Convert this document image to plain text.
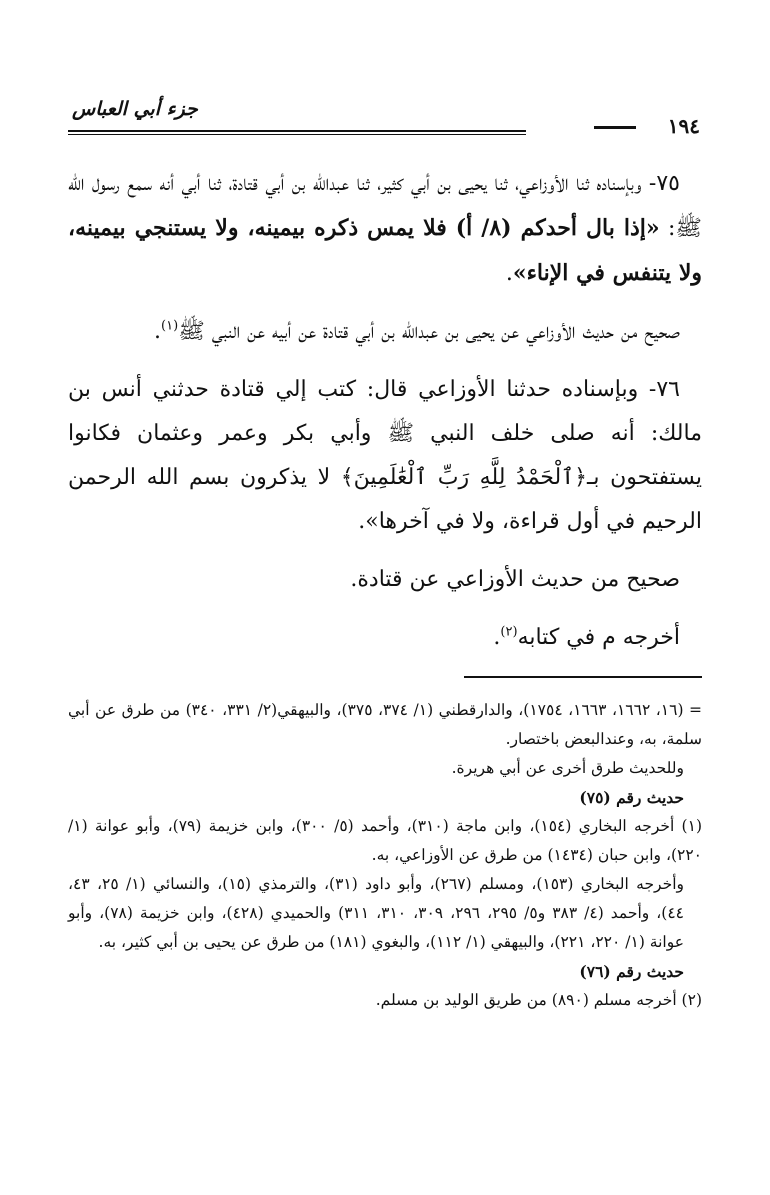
١٩٤
جزء أبي العباس

٧٥- وبإسناده ثنا الأوزاعي، ثنا يحيى بن أبي كثير، ثنا عبدالله بن أبي قتادة، ثنا أبي أنه سمع رسول الله ﷺ: «إذا بال أحدكم (٨/ أ) فلا يمس ذكره بيمينه، ولا يستنجي بيمينه، ولا يتنفس في الإناء».

صحيح من حديث الأوزاعي عن يحيى بن عبدالله بن أبي قتادة عن أبيه عن النبي ﷺ$^{(١)}$.

٧٦- وبإسناده حدثنا الأوزاعي قال: كتب إلي قتادة حدثني أنس بن مالك: أنه صلى خلف النبي ﷺ وأبي بكر وعمر وعثمان فكانوا يستفتحون بـ﴿ٱلْحَمْدُ لِلَّهِ رَبِّ ٱلْعَٰلَمِينَ﴾ لا يذكرون بسم الله الرحمن الرحيم في أول قراءة، ولا في آخرها».

صحيح من حديث الأوزاعي عن قتادة.

أخرجه م في كتابه$^{(٢)}$.

= (١٦، ١٦٦٢، ١٦٦٣، ١٧٥٤)، والدارقطني (١/ ٣٧٤، ٣٧٥)، والبيهقي(٢/ ٣٣١، ٣٤٠) من طرق عن أبي سلمة، به، وعندالبعض باختصار.

وللحديث طرق أخرى عن أبي هريرة.

حديث رقم (٧٥)

(١) أخرجه البخاري (١٥٤)، وابن ماجة (٣١٠)، وأحمد (٥/ ٣٠٠)، وابن خزيمة (٧٩)، وأبو عوانة (١/ ٢٢٠)، وابن حبان (١٤٣٤) من طرق عن الأوزاعي، به.

وأخرجه البخاري (١٥٣)، ومسلم (٢٦٧)، وأبو داود (٣١)، والترمذي (١٥)، والنسائي (١/ ٢٥، ٤٣، ٤٤)، وأحمد (٤/ ٣٨٣ و٥/ ٢٩٥، ٢٩٦، ٣٠٩، ٣١٠، ٣١١) والحميدي (٤٢٨)، وابن خزيمة (٧٨)، وأبو عوانة (١/ ٢٢٠، ٢٢١)، والبيهقي (١/ ١١٢)، والبغوي (١٨١) من طرق عن يحيى بن أبي كثير، به.

حديث رقم (٧٦)

(٢) أخرجه مسلم (٨٩٠) من طريق الوليد بن مسلم.
